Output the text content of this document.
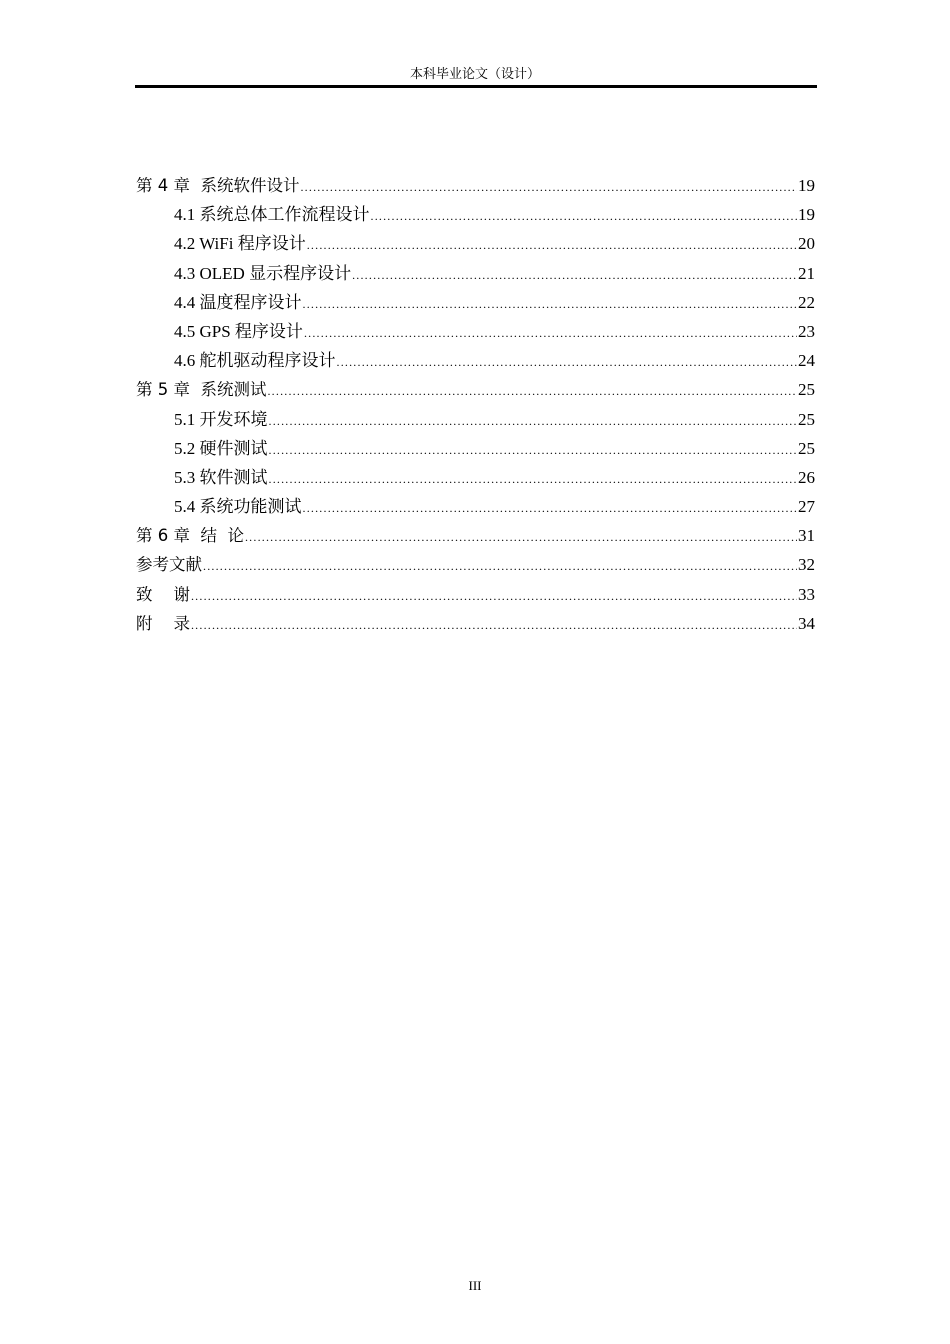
本科毕业论文（设计）
第 4 章  系统软件设计 .....	19
4.1 系统总体工作流程设计 .....	19
4.2 WiFi 程序设计 .....	20
4.3 OLED 显示程序设计 .....	21
4.4 温度程序设计 .....	22
4.5 GPS 程序设计 .....	23
4.6 舵机驱动程序设计 .....	24
第 5 章  系统测试 .....	25
5.1 开发环境 .....	25
5.2 硬件测试 .....	25
5.3 软件测试 .....	26
5.4 系统功能测试 .....	27
第 6 章  结  论 .....	31
参考文献 .....	32
致    谢 .....	33
附    录 .....	34
III
